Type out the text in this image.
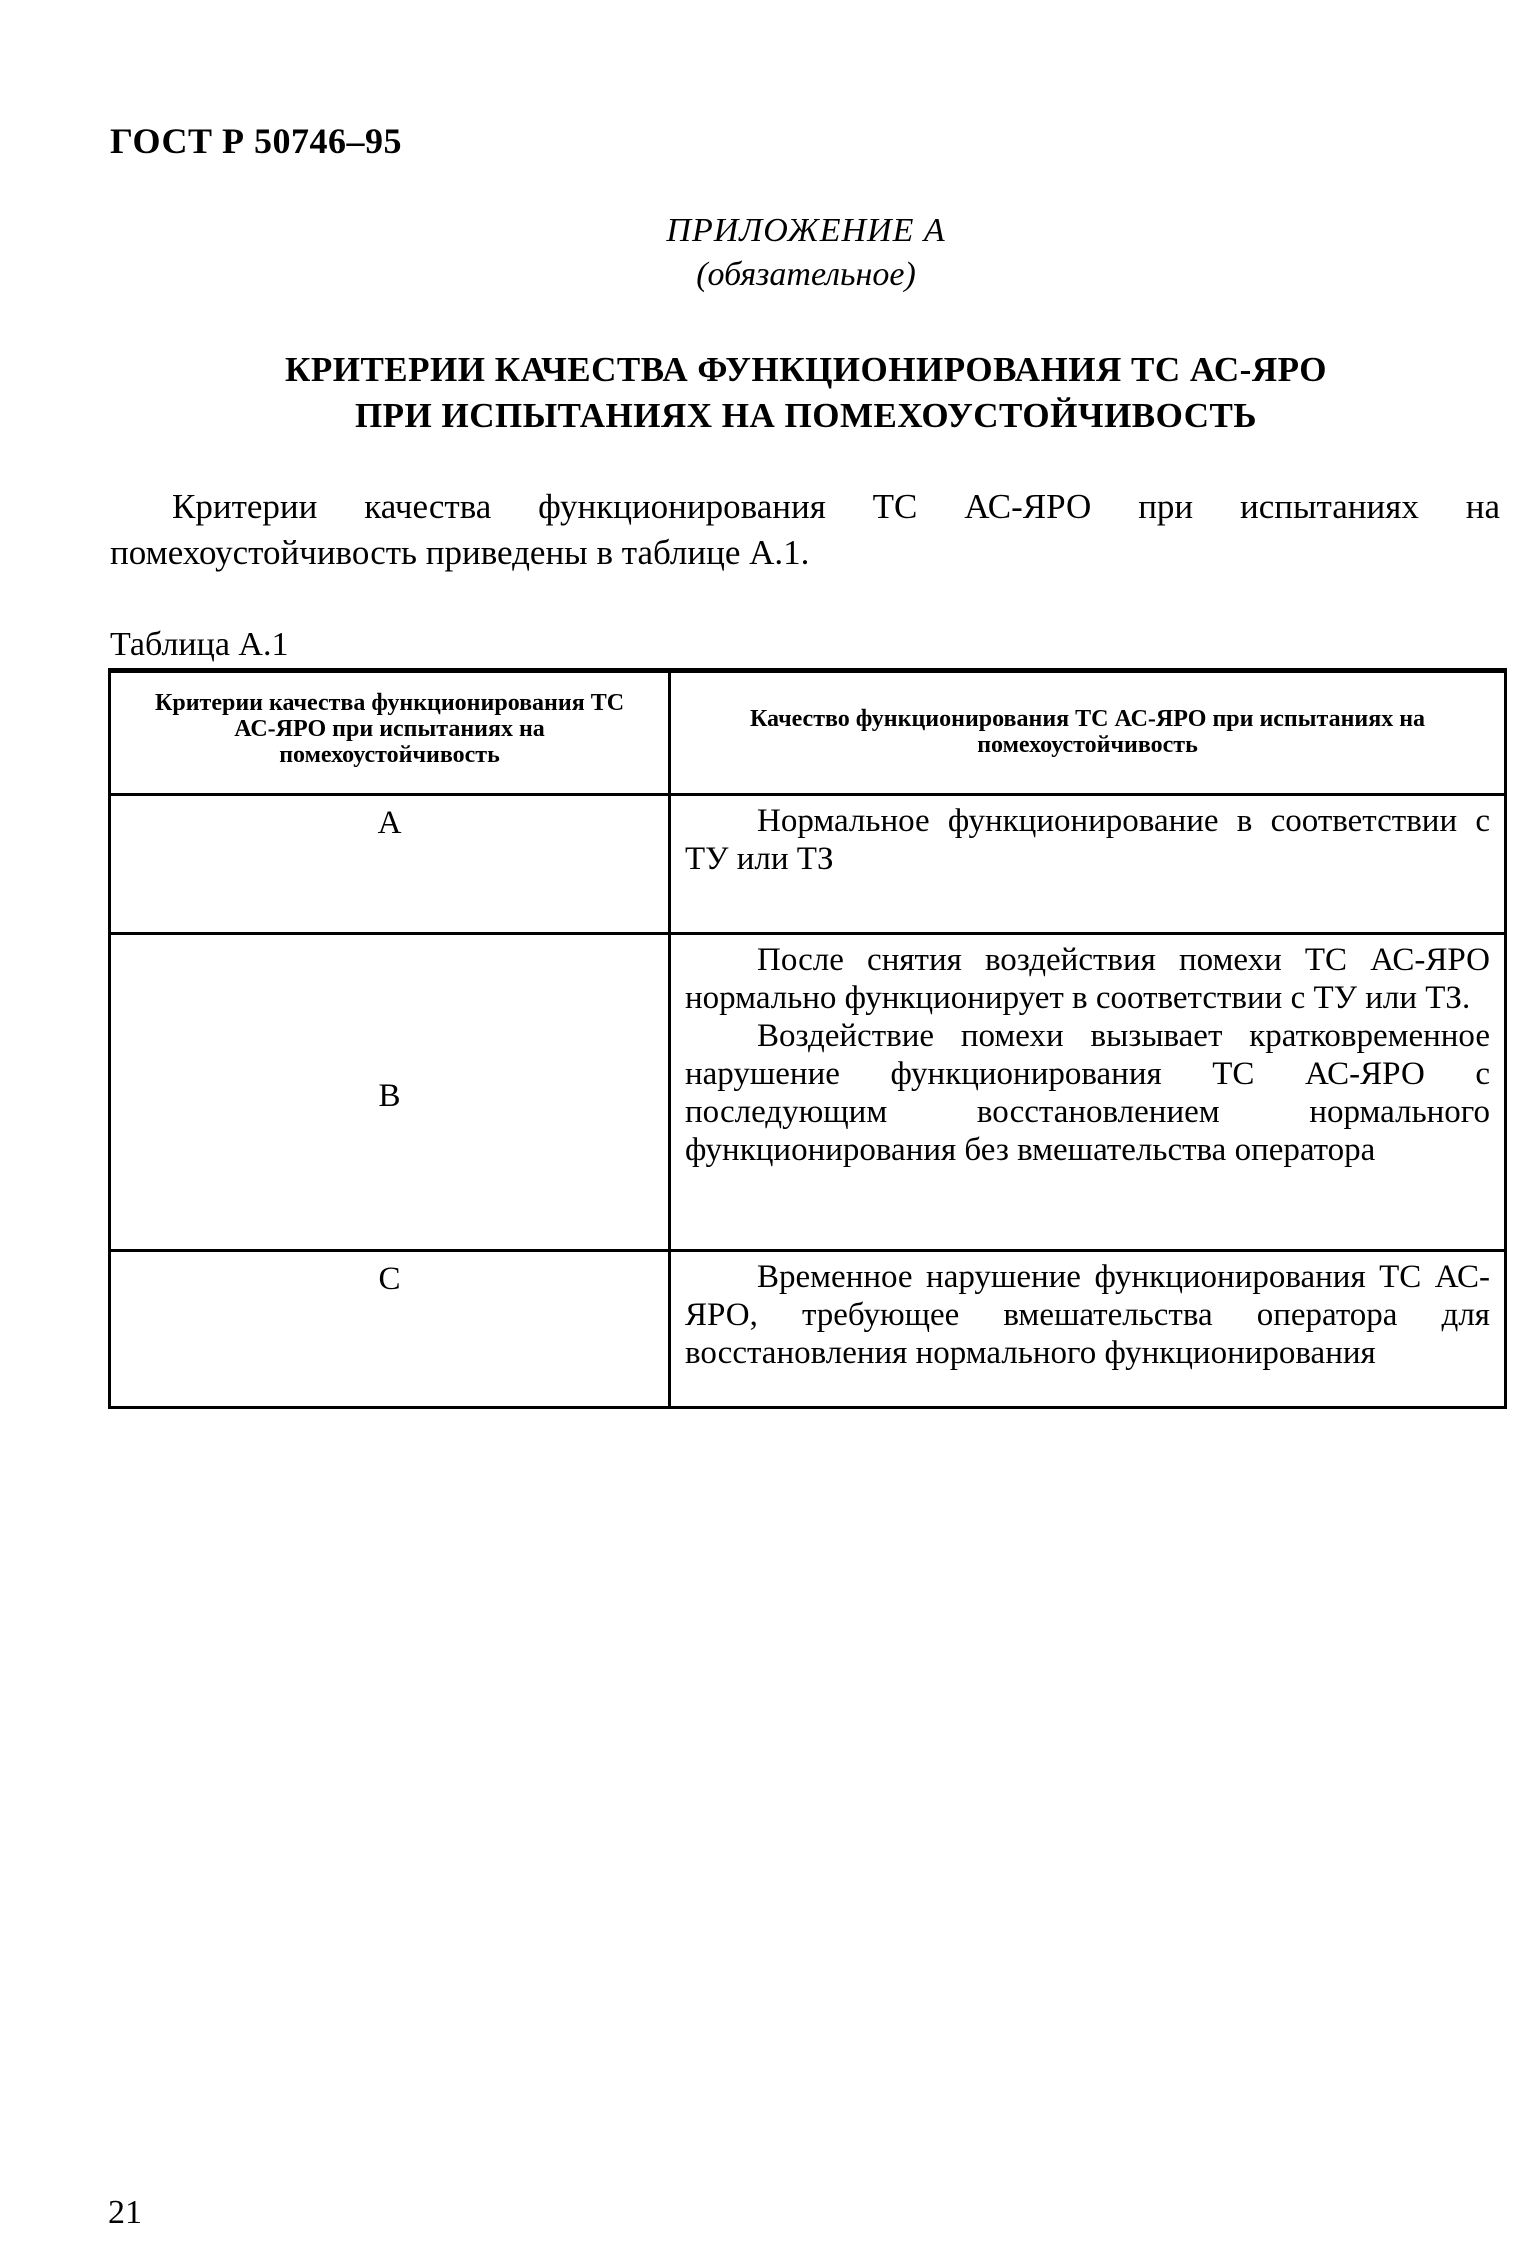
ГОСТ Р 50746–95
ПРИЛОЖЕНИЕ А
(обязательное)
КРИТЕРИИ КАЧЕСТВА ФУНКЦИОНИРОВАНИЯ ТС АС-ЯРО
ПРИ ИСПЫТАНИЯХ НА ПОМЕХОУСТОЙЧИВОСТЬ
Критерии качества функционирования ТС АС-ЯРО при испытаниях на помехоустойчивость приведены в таблице А.1.
Таблица А.1
Критерии качества функционирования ТС АС-ЯРО при испытаниях на помехоустойчивость	Качество функционирования ТС АС-ЯРО при испытаниях на помехоустойчивость

А	Нормальное функционирование в соответствии с ТУ или ТЗ

В	После снятия воздействия помехи ТС АС-ЯРО нормально функционирует в соответствии с ТУ или ТЗ.

Воздействие помехи вызывает кратковременное нарушение функционирования ТС АС-ЯРО с последующим восстановлением нормального функционирования без вмешательства оператора

С	Временное нарушение функционирования ТС АС-ЯРО, требующее вмешательства оператора для восстановления нормального функционирования

21
